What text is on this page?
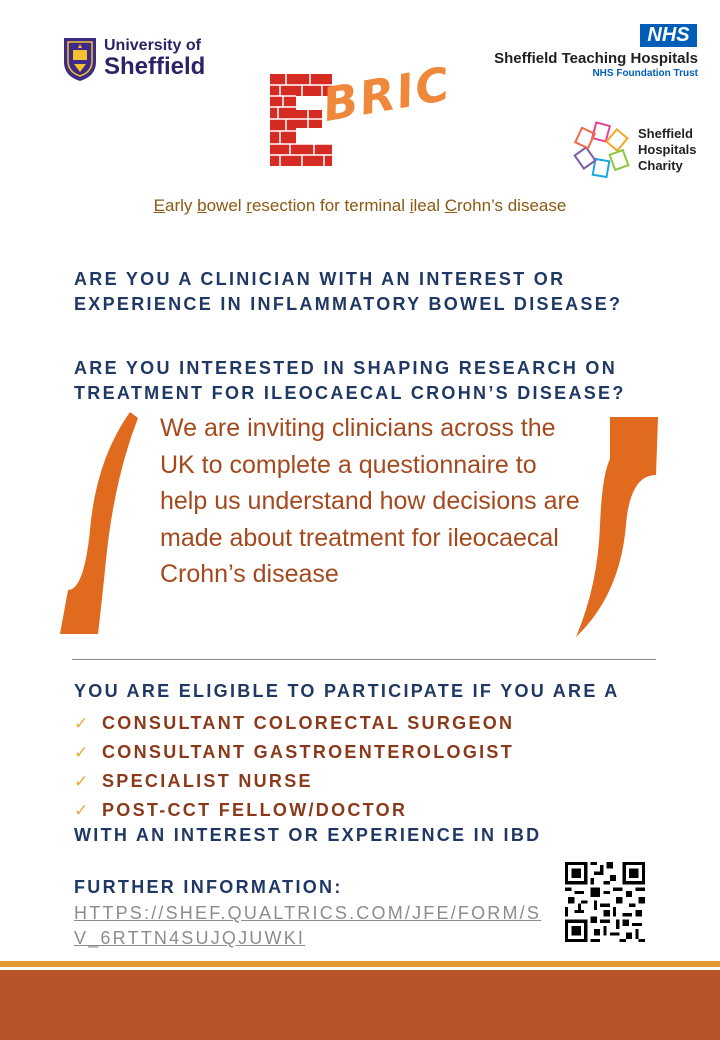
University of
Sheffield
NHS
Sheffield Teaching Hospitals
NHS Foundation Trust
BRIC
Sheffield
Hospitals
Charity
Early bowel resection for terminal ileal Crohn’s disease
ARE YOU A CLINICIAN WITH AN INTEREST OR EXPERIENCE IN INFLAMMATORY BOWEL DISEASE?
ARE YOU INTERESTED IN SHAPING RESEARCH ON TREATMENT FOR ILEOCAECAL CROHN’S DISEASE?
We are inviting clinicians across the UK to complete a questionnaire to help us understand how decisions are made about treatment for ileocaecal Crohn’s disease
YOU ARE ELIGIBLE TO PARTICIPATE IF YOU ARE A
✓ CONSULTANT COLORECTAL SURGEON
✓ CONSULTANT GASTROENTEROLOGIST
✓ SPECIALIST NURSE
✓ POST-CCT FELLOW/DOCTOR
WITH AN INTEREST OR EXPERIENCE IN IBD
FURTHER INFORMATION:
HTTPS://SHEF.QUALTRICS.COM/JFE/FORM/SV_6RTTN4SUJQJUWKI
